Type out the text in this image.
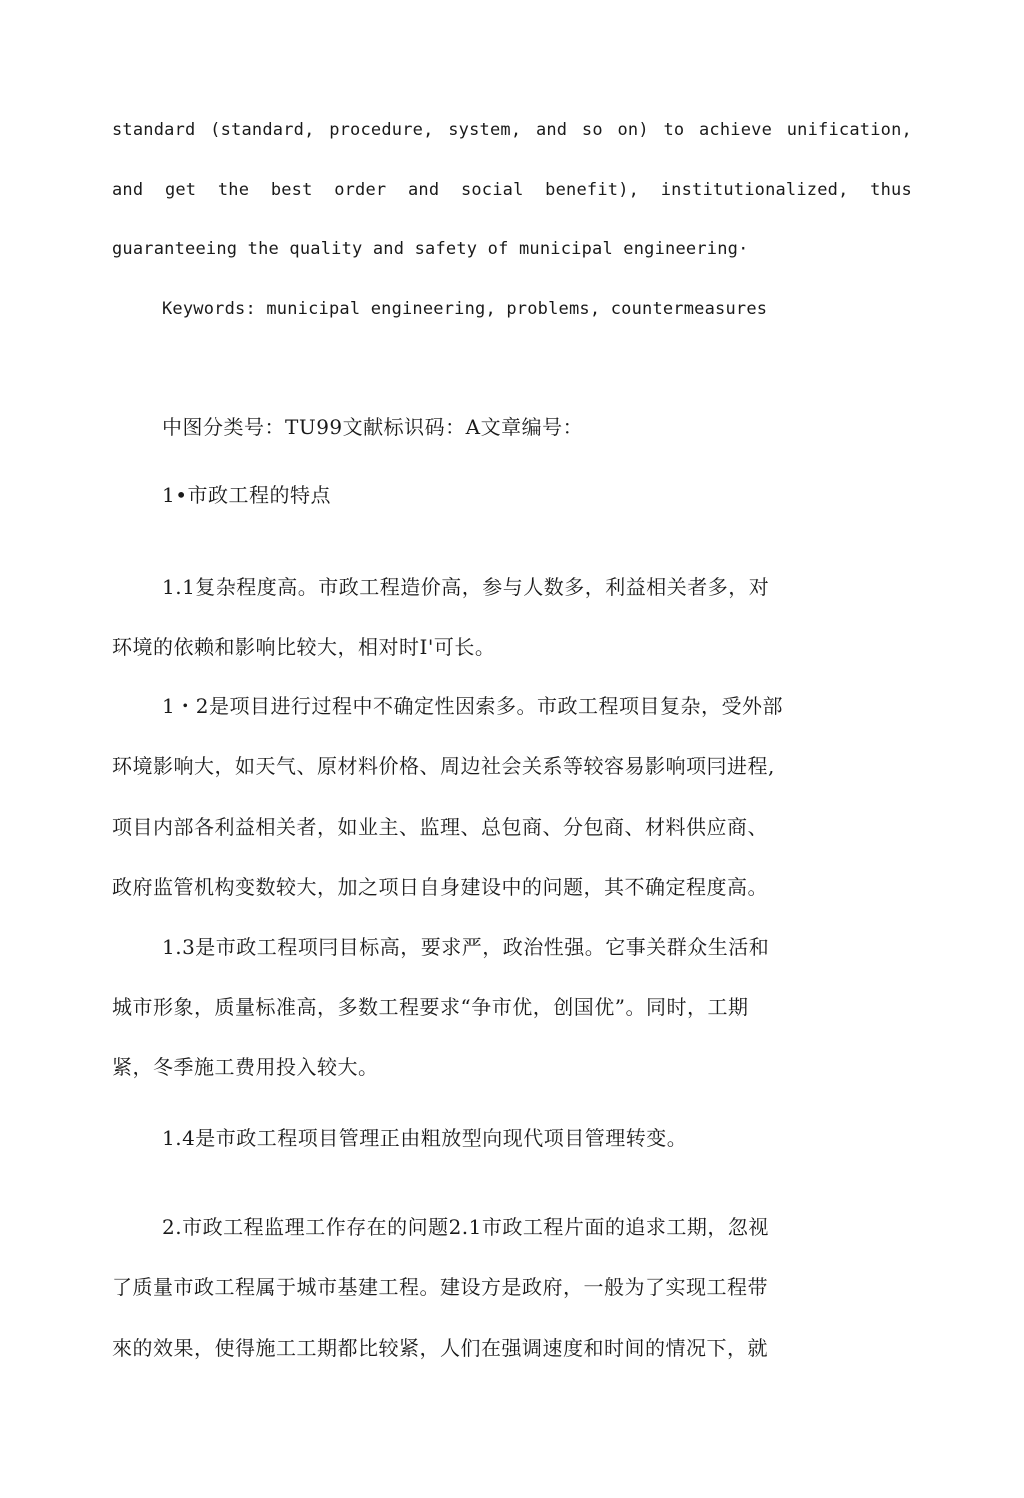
standard (standard, procedure, system, and so on) to achieve unification,
and get the best order and social benefit), institutionalized, thus
guaranteeing the quality and safety of municipal engineering·
Keywords: municipal engineering, problems, countermeasures
中图分类号：TU99文献标识码：A文章编号：
1•市政工程的特点
1.1复杂程度高。市政工程造价高，参与人数多，利益相关者多，对
环境的依赖和影响比较大，相对时I'可长。
1・2是项目进行过程中不确定性因索多。市政工程项目复杂，受外部
环境影响大，如天气、原材料价格、周边社会关系等较容易影响项冃进程,
项目内部各利益相关者，如业主、监理、总包商、分包商、材料供应商、
政府监管机构变数较大，加之项日自身建设中的问题，其不确定程度高。
1.3是市政工程项冃目标高，要求严，政治性强。它事关群众生活和
城市形象，质量标准高，多数工程要求“争市优，创国优”。同时，工期
紧，冬季施工费用投入较大。
1.4是市政工程项目管理正由粗放型向现代项目管理转变。
2.市政工程监理工作存在的问题2.1市政工程片面的追求工期，忽视
了质量市政工程属于城市基建工程。建设方是政府，一般为了实现工程带
來的效果，使得施工工期都比较紧，人们在强调速度和时间的情况下，就
